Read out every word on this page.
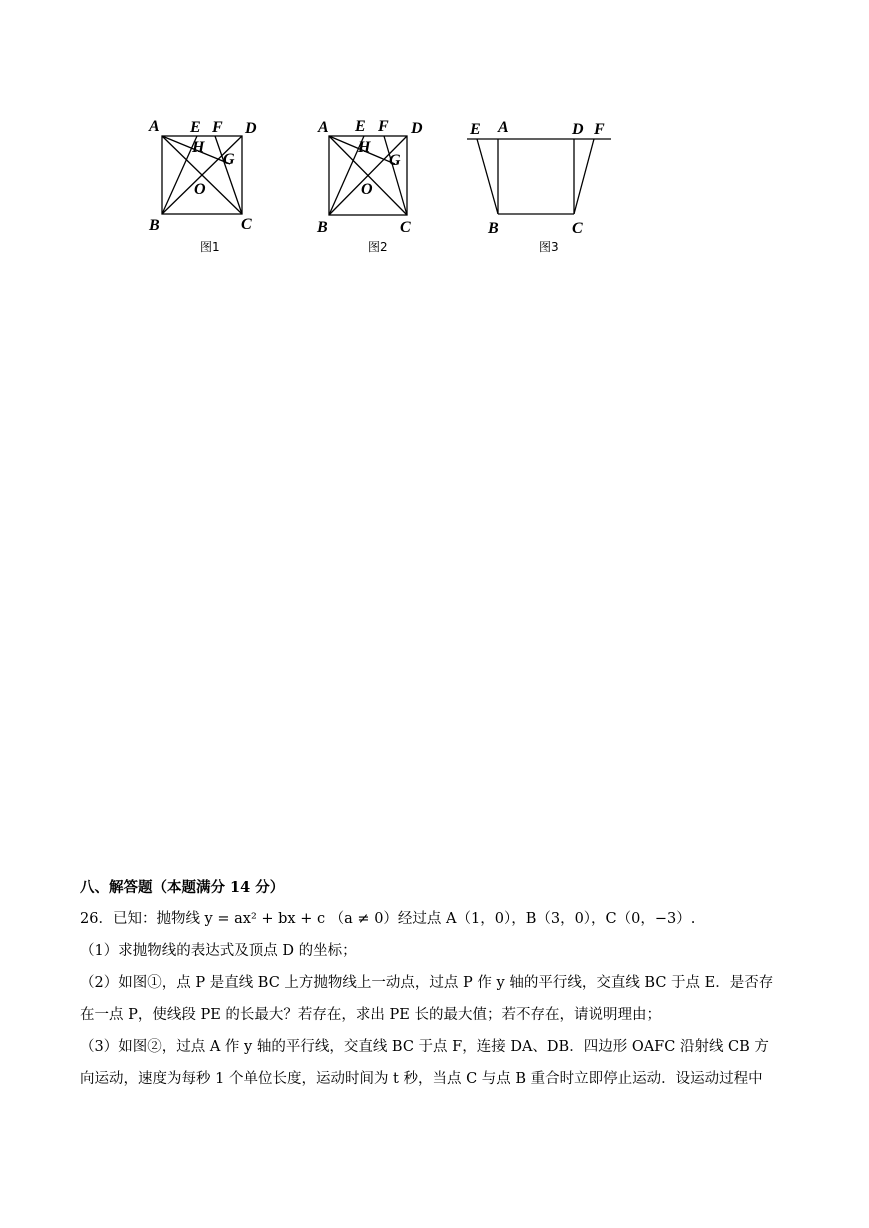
A E F D
H
G
O
B	C
图1
A E F D
H
G
O
B	C
图2
E A	D F
B	C
图3
八、解答题（本题满分 14 分）

26．已知：抛物线 y = ax² + bx + c （a ≠ 0）经过点 A（1，0），B（3，0），C（0，−3）.

（1）求抛物线的表达式及顶点 D 的坐标；

（2）如图①，点 P 是直线 BC 上方抛物线上一动点，过点 P 作 y 轴的平行线，交直线 BC 于点 E．是否存

在一点 P，使线段 PE 的长最大？若存在，求出 PE 长的最大值；若不存在，请说明理由；

（3）如图②，过点 A 作 y 轴的平行线，交直线 BC 于点 F，连接 DA、DB．四边形 OAFC 沿射线 CB 方

向运动，速度为每秒 1 个单位长度，运动时间为 t 秒，当点 C 与点 B 重合时立即停止运动．设运动过程中
